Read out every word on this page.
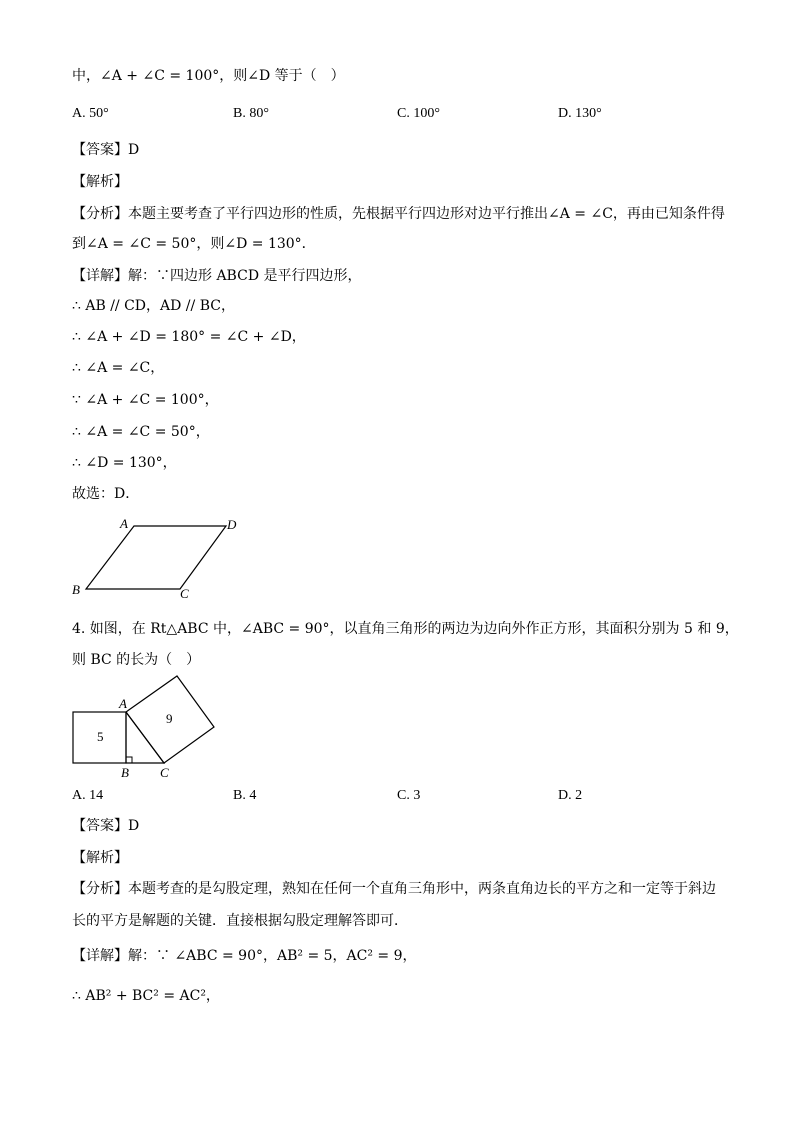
中，∠A + ∠C = 100°，则∠D 等于（　）
A. 50°	B. 80°	C. 100°	D. 130°
【答案】D
【解析】
【分析】本题主要考查了平行四边形的性质，先根据平行四边形对边平行推出∠A = ∠C，再由已知条件得
到∠A = ∠C = 50°，则∠D = 130°．
【详解】解：∵四边形 ABCD 是平行四边形，
∴ AB // CD，AD // BC，
∴ ∠A + ∠D = 180° = ∠C + ∠D，
∴ ∠A = ∠C，
∵ ∠A + ∠C = 100°，
∴ ∠A = ∠C = 50°，
∴ ∠D = 130°，
故选：D．
A	D
B	C
4. 如图，在 Rt△ABC 中，∠ABC = 90°，以直角三角形的两边为边向外作正方形，其面积分别为 5 和 9，
则 BC 的长为（　）
5
9
A
B C
A. 14	B. 4	C. 3	D. 2
【答案】D
【解析】
【分析】本题考查的是勾股定理，熟知在任何一个直角三角形中，两条直角边长的平方之和一定等于斜边
长的平方是解题的关键．直接根据勾股定理解答即可．
【详解】解：∵ ∠ABC = 90°，AB² = 5，AC² = 9，
∴ AB² + BC² = AC²，
